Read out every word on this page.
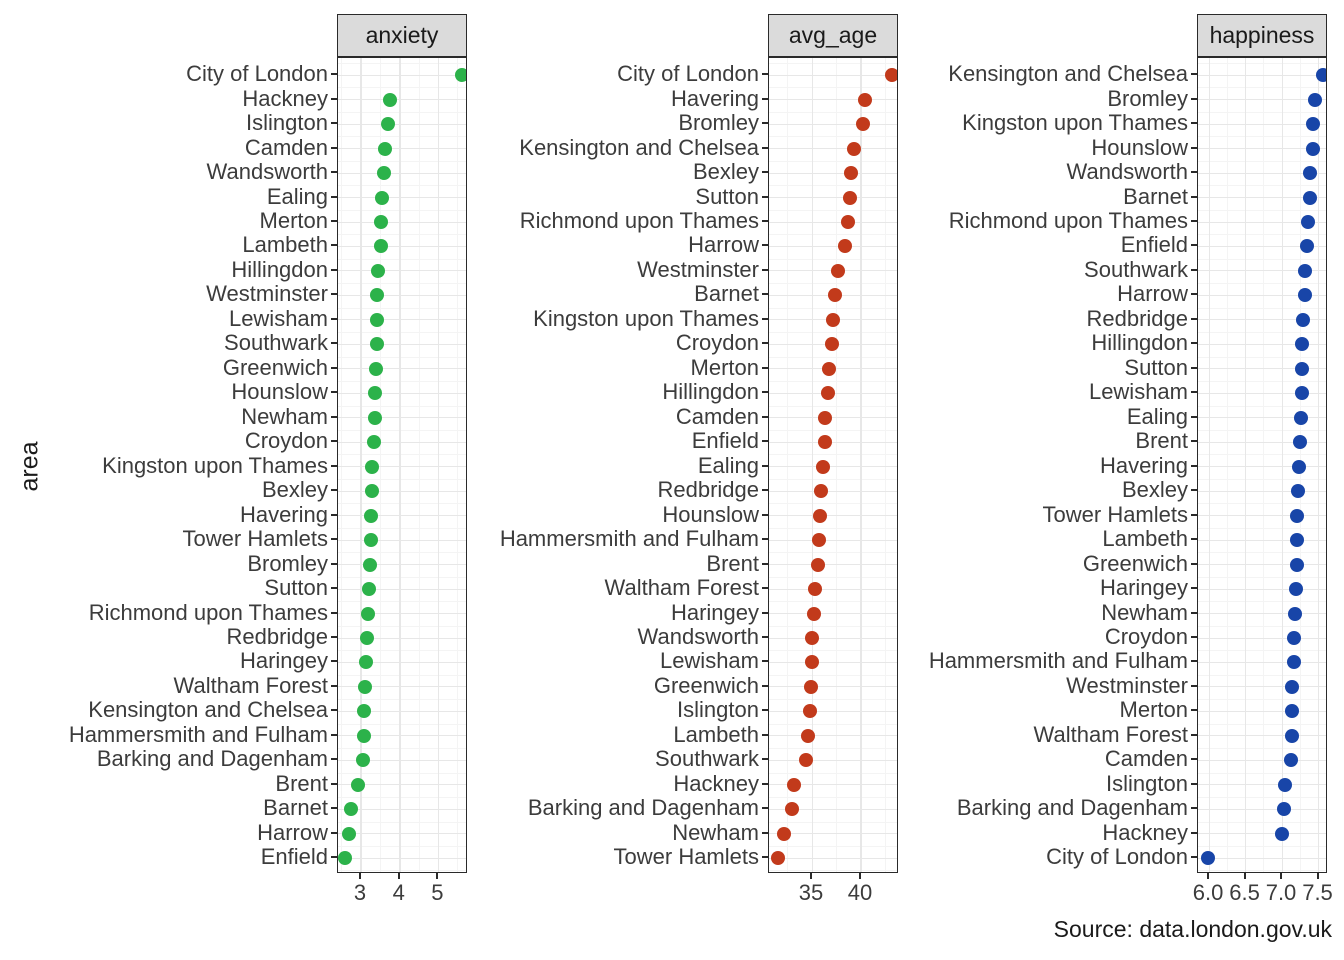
area
anxiety
City of London
Hackney
Islington
Camden
Wandsworth
Ealing
Merton
Lambeth
Hillingdon
Westminster
Lewisham
Southwark
Greenwich
Hounslow
Newham
Croydon
Kingston upon Thames
Bexley
Havering
Tower Hamlets
Bromley
Sutton
Richmond upon Thames
Redbridge
Haringey
Waltham Forest
Kensington and Chelsea
Hammersmith and Fulham
Barking and Dagenham
Brent
Barnet
Harrow
Enfield
3	4	5
avg_age
City of London
Havering
Bromley
Kensington and Chelsea
Bexley
Sutton
Richmond upon Thames
Harrow
Westminster
Barnet
Kingston upon Thames
Croydon
Merton
Hillingdon
Camden
Enfield
Ealing
Redbridge
Hounslow
Hammersmith and Fulham
Brent
Waltham Forest
Haringey
Wandsworth
Lewisham
Greenwich
Islington
Lambeth
Southwark
Hackney
Barking and Dagenham
Newham
Tower Hamlets
35	40
happiness
Kensington and Chelsea
Bromley
Kingston upon Thames
Hounslow
Wandsworth
Barnet
Richmond upon Thames
Enfield
Southwark
Harrow
Redbridge
Hillingdon
Sutton
Lewisham
Ealing
Brent
Havering
Bexley
Tower Hamlets
Lambeth
Greenwich
Haringey
Newham
Croydon
Hammersmith and Fulham
Westminster
Merton
Waltham Forest
Camden
Islington
Barking and Dagenham
Hackney
City of London
6.0 6.5 7.0 7.5
Source: data.london.gov.uk
